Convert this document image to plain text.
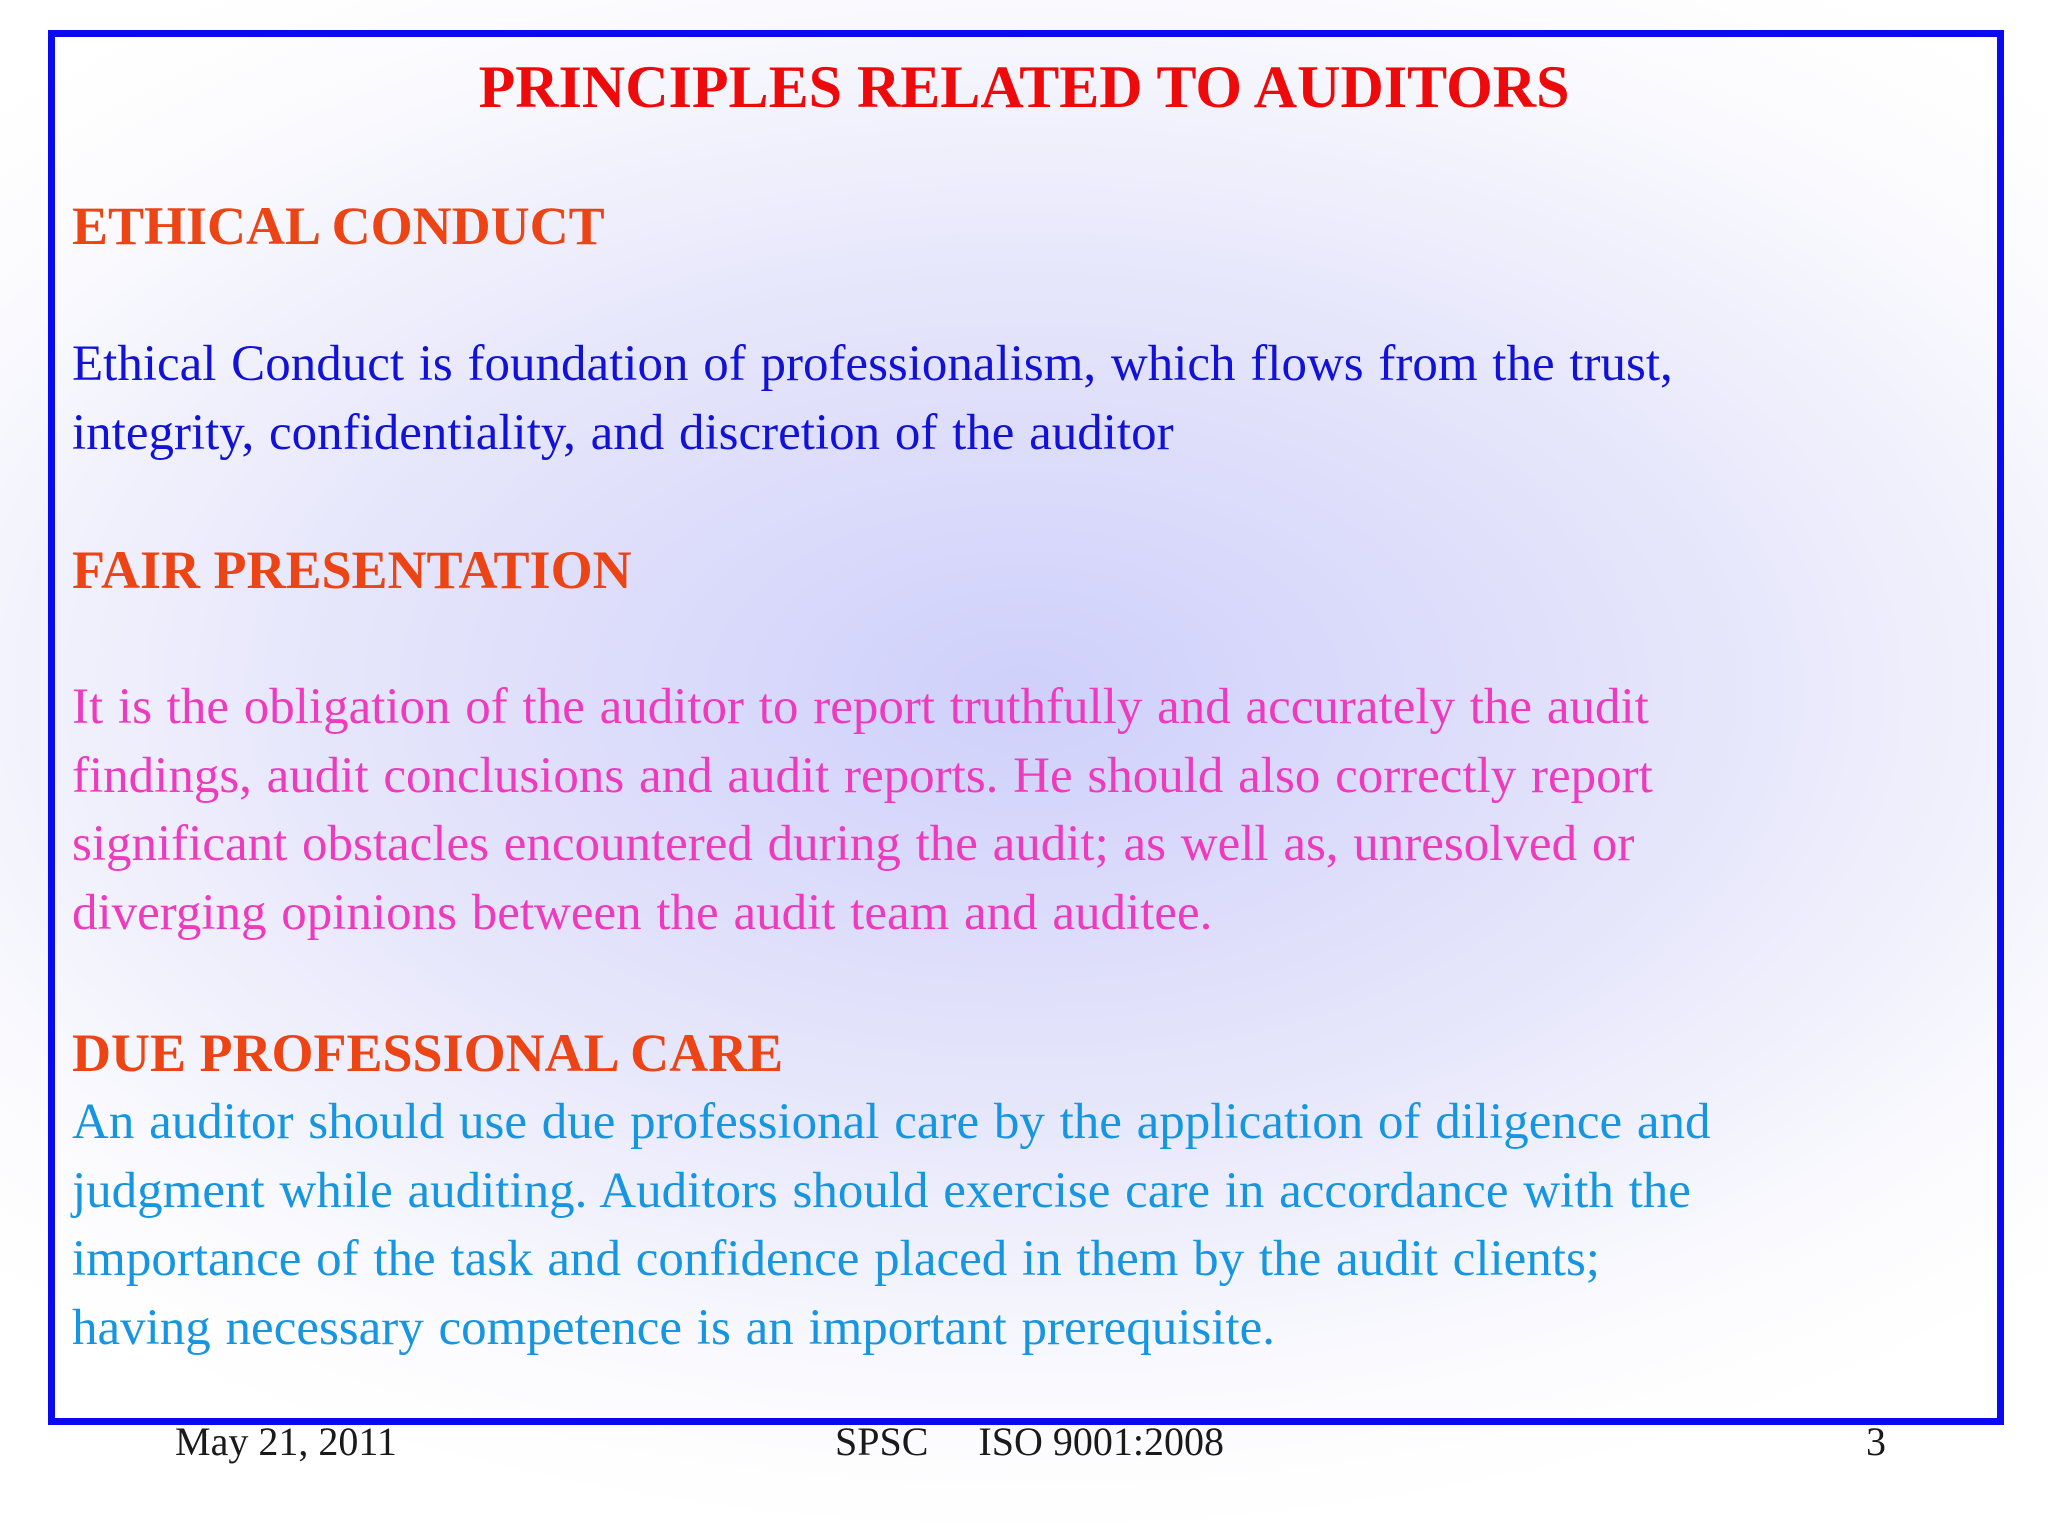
PRINCIPLES RELATED TO AUDITORS
ETHICAL CONDUCT

Ethical Conduct is foundation of professionalism, which flows from the trust,
integrity, confidentiality, and discretion of the auditor

FAIR PRESENTATION

It is the obligation of the auditor to report truthfully and accurately the audit
findings, audit conclusions and audit reports. He should also correctly report
significant obstacles encountered during the audit; as well as, unresolved or
diverging opinions between the audit team and auditee.

DUE PROFESSIONAL CARE

An auditor should use due professional care by the application of diligence and
judgment while auditing. Auditors should exercise care in accordance with the
importance of the task and confidence placed in them by the audit clients;
having necessary competence is an important prerequisite.

May 21, 2011	SPSC     ISO 9001:2008	3
